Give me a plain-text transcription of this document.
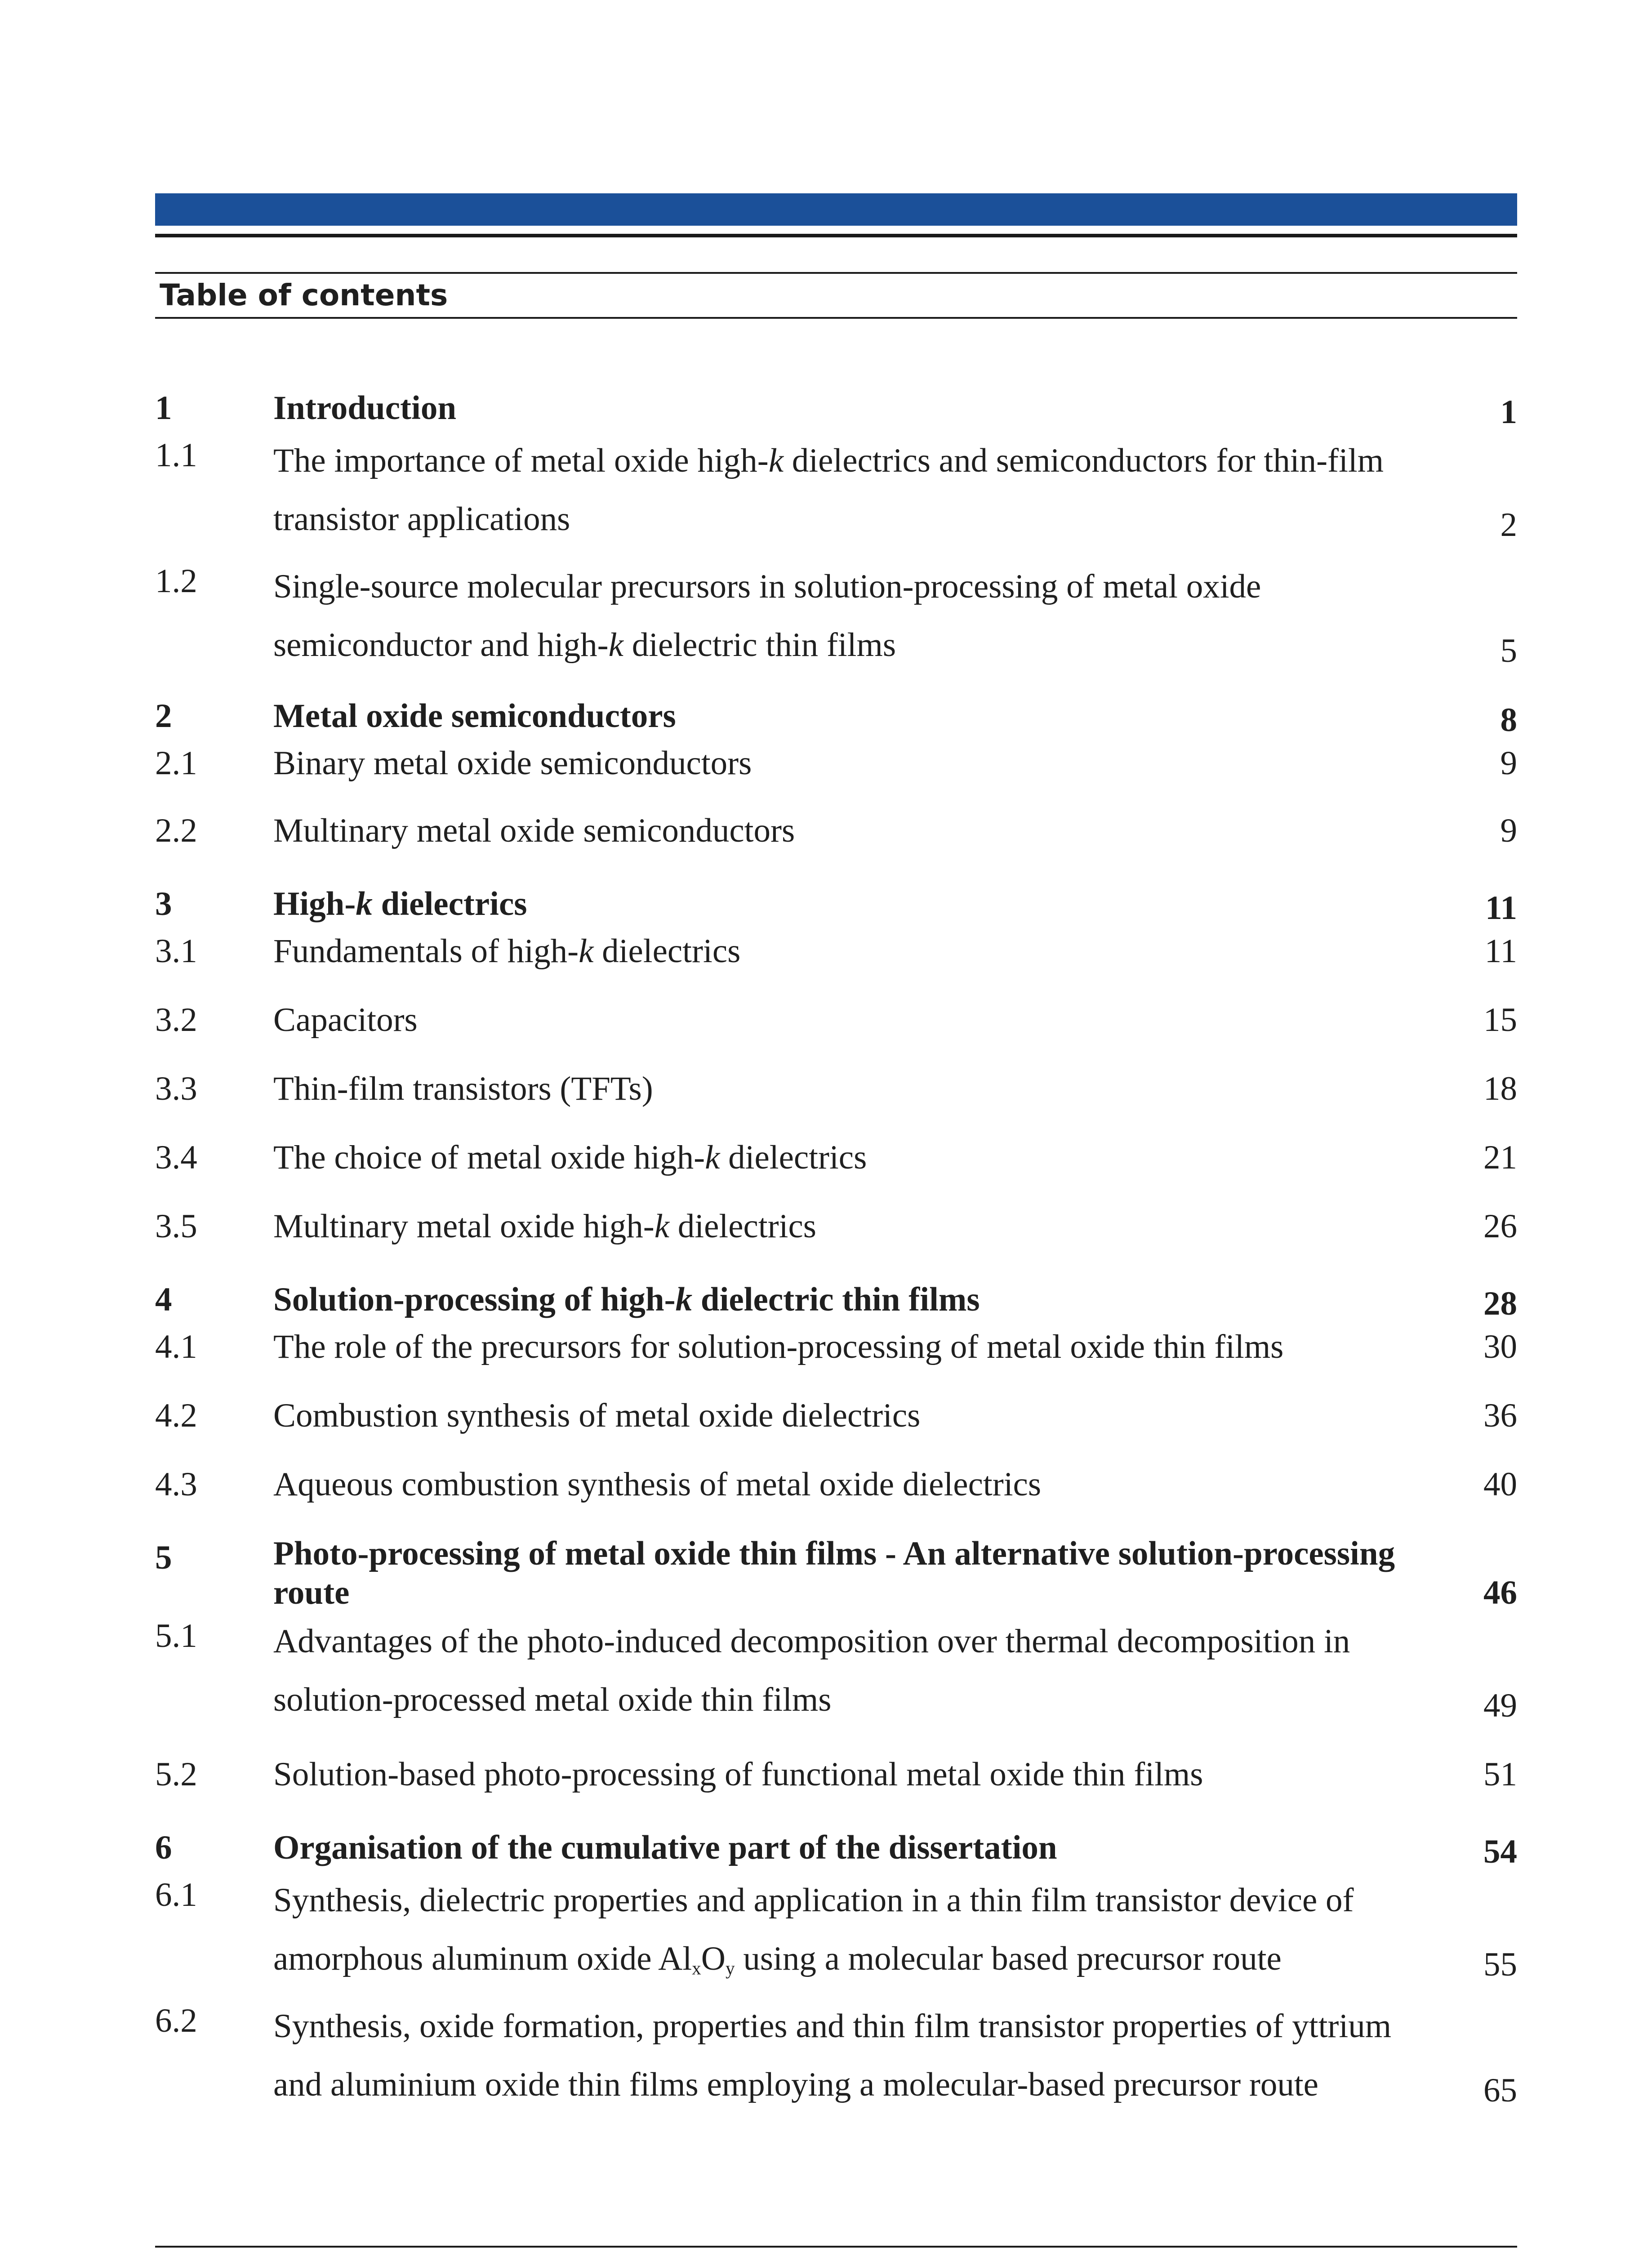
Table of contents
1	Introduction	1
1.1 The importance of metal oxide high-k dielectrics and semiconductors for thin-film transistor applications	2
1.2 Single-source molecular precursors in solution-processing of metal oxide semiconductor and high-k dielectric thin films	5
2	Metal oxide semiconductors	8
2.1 Binary metal oxide semiconductors	9
2.2 Multinary metal oxide semiconductors	9
3	High-k dielectrics	11
3.1 Fundamentals of high-k dielectrics	11
3.2 Capacitors	15
3.3 Thin-film transistors (TFTs)	18
3.4 The choice of metal oxide high-k dielectrics	21
3.5 Multinary metal oxide high-k dielectrics	26
4	Solution-processing of high-k dielectric thin films	28
4.1 The role of the precursors for solution-processing of metal oxide thin films	30
4.2 Combustion synthesis of metal oxide dielectrics	36
4.3 Aqueous combustion synthesis of metal oxide dielectrics	40
5	Photo-processing of metal oxide thin films - An alternative solution-processing route	46
5.1 Advantages of the photo-induced decomposition over thermal decomposition in solution-processed metal oxide thin films	49
5.2 Solution-based photo-processing of functional metal oxide thin films	51
6	Organisation of the cumulative part of the dissertation	54
6.1 Synthesis, dielectric properties and application in a thin film transistor device of amorphous aluminum oxide $Al_xO_y$ using a molecular based precursor route	55
6.2 Synthesis, oxide formation, properties and thin film transistor properties of yttrium and aluminium oxide thin films employing a molecular-based precursor route	65
